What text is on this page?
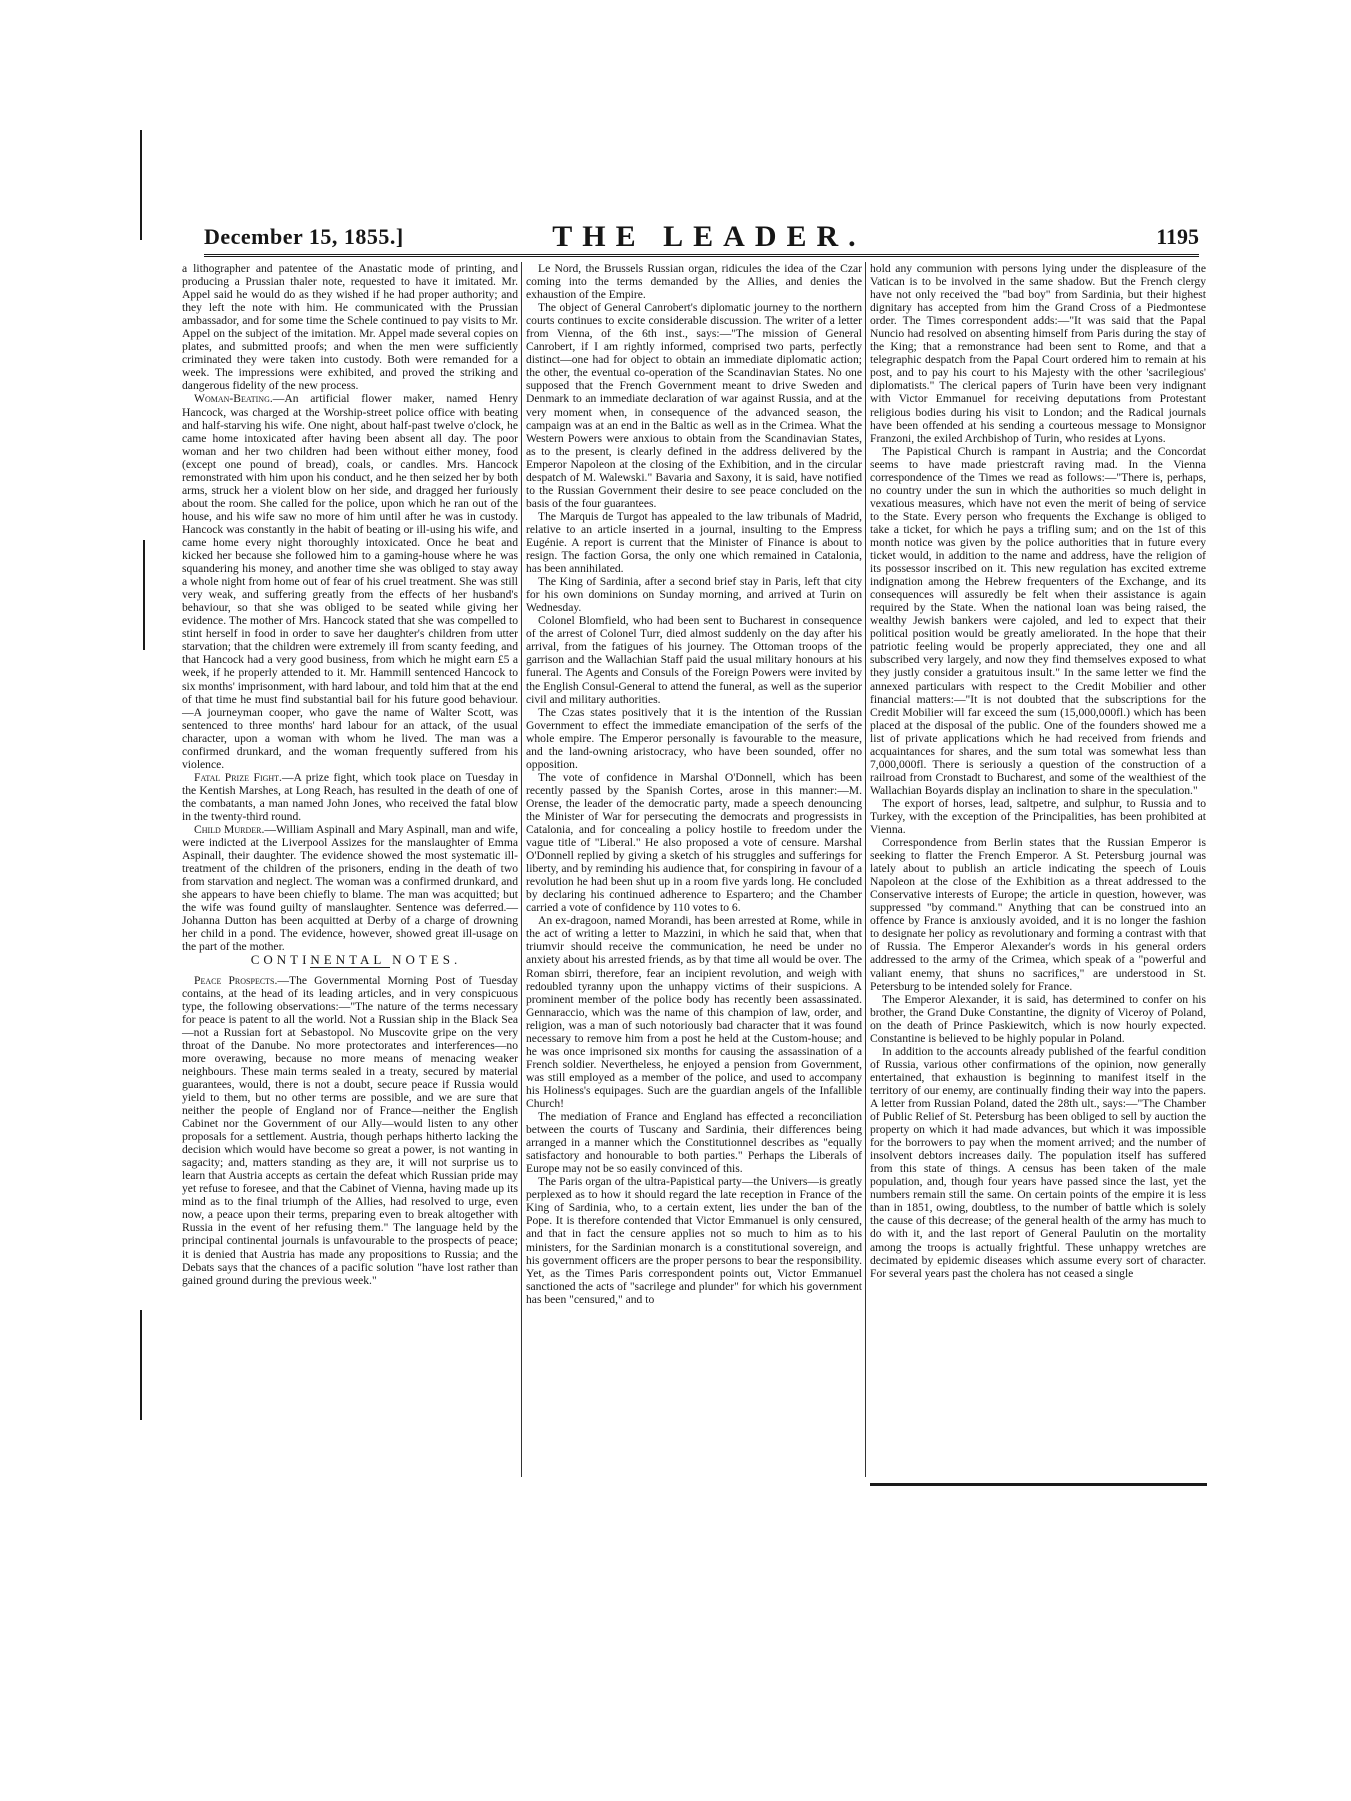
December 15, 1855.]	THE LEADER.	1195

a lithographer and patentee of the Anastatic mode of printing, and producing a Prussian thaler note, requested to have it imitated. Mr. Appel said he would do as they wished if he had proper authority; and they left the note with him. He communicated with the Prussian ambassador, and for some time the Schele continued to pay visits to Mr. Appel on the subject of the imitation. Mr. Appel made several copies on plates, and submitted proofs; and when the men were sufficiently criminated they were taken into custody. Both were remanded for a week. The impressions were exhibited, and proved the striking and dangerous fidelity of the new process.

Woman-Beating.—An artificial flower maker, named Henry Hancock, was charged at the Worship-street police office with beating and half-starving his wife. One night, about half-past twelve o'clock, he came home intoxicated after having been absent all day. The poor woman and her two children had been without either money, food (except one pound of bread), coals, or candles. Mrs. Hancock remonstrated with him upon his conduct, and he then seized her by both arms, struck her a violent blow on her side, and dragged her furiously about the room. She called for the police, upon which he ran out of the house, and his wife saw no more of him until after he was in custody. Hancock was constantly in the habit of beating or ill-using his wife, and came home every night thoroughly intoxicated. Once he beat and kicked her because she followed him to a gaming-house where he was squandering his money, and another time she was obliged to stay away a whole night from home out of fear of his cruel treatment. She was still very weak, and suffering greatly from the effects of her husband's behaviour, so that she was obliged to be seated while giving her evidence. The mother of Mrs. Hancock stated that she was compelled to stint herself in food in order to save her daughter's children from utter starvation; that the children were extremely ill from scanty feeding, and that Hancock had a very good business, from which he might earn £5 a week, if he properly attended to it. Mr. Hammill sentenced Hancock to six months' imprisonment, with hard labour, and told him that at the end of that time he must find substantial bail for his future good behaviour.—A journeyman cooper, who gave the name of Walter Scott, was sentenced to three months' hard labour for an attack, of the usual character, upon a woman with whom he lived. The man was a confirmed drunkard, and the woman frequently suffered from his violence.

Fatal Prize Fight.—A prize fight, which took place on Tuesday in the Kentish Marshes, at Long Reach, has resulted in the death of one of the combatants, a man named John Jones, who received the fatal blow in the twenty-third round.

Child Murder.—William Aspinall and Mary Aspinall, man and wife, were indicted at the Liverpool Assizes for the manslaughter of Emma Aspinall, their daughter. The evidence showed the most systematic ill-treatment of the children of the prisoners, ending in the death of two from starvation and neglect. The woman was a confirmed drunkard, and she appears to have been chiefly to blame. The man was acquitted; but the wife was found guilty of manslaughter. Sentence was deferred.—Johanna Dutton has been acquitted at Derby of a charge of drowning her child in a pond. The evidence, however, showed great ill-usage on the part of the mother.

CONTINENTAL NOTES.

Peace Prospects.—The Governmental Morning Post of Tuesday contains, at the head of its leading articles, and in very conspicuous type, the following observations:—"The nature of the terms necessary for peace is patent to all the world. Not a Russian ship in the Black Sea—not a Russian fort at Sebastopol. No Muscovite gripe on the very throat of the Danube. No more protectorates and interferences—no more overawing, because no more means of menacing weaker neighbours. These main terms sealed in a treaty, secured by material guarantees, would, there is not a doubt, secure peace if Russia would yield to them, but no other terms are possible, and we are sure that neither the people of England nor of France—neither the English Cabinet nor the Government of our Ally—would listen to any other proposals for a settlement. Austria, though perhaps hitherto lacking the decision which would have become so great a power, is not wanting in sagacity; and, matters standing as they are, it will not surprise us to learn that Austria accepts as certain the defeat which Russian pride may yet refuse to foresee, and that the Cabinet of Vienna, having made up its mind as to the final triumph of the Allies, had resolved to urge, even now, a peace upon their terms, preparing even to break altogether with Russia in the event of her refusing them." The language held by the principal continental journals is unfavourable to the prospects of peace; it is denied that Austria has made any propositions to Russia; and the Debats says that the chances of a pacific solution "have lost rather than gained ground during the previous week."

Le Nord, the Brussels Russian organ, ridicules the idea of the Czar coming into the terms demanded by the Allies, and denies the exhaustion of the Empire.

The object of General Canrobert's diplomatic journey to the northern courts continues to excite considerable discussion. The writer of a letter from Vienna, of the 6th inst., says:—"The mission of General Canrobert, if I am rightly informed, comprised two parts, perfectly distinct—one had for object to obtain an immediate diplomatic action; the other, the eventual co-operation of the Scandinavian States. No one supposed that the French Government meant to drive Sweden and Denmark to an immediate declaration of war against Russia, and at the very moment when, in consequence of the advanced season, the campaign was at an end in the Baltic as well as in the Crimea. What the Western Powers were anxious to obtain from the Scandinavian States, as to the present, is clearly defined in the address delivered by the Emperor Napoleon at the closing of the Exhibition, and in the circular despatch of M. Walewski." Bavaria and Saxony, it is said, have notified to the Russian Government their desire to see peace concluded on the basis of the four guarantees.

The Marquis de Turgot has appealed to the law tribunals of Madrid, relative to an article inserted in a journal, insulting to the Empress Eugénie. A report is current that the Minister of Finance is about to resign. The faction Gorsa, the only one which remained in Catalonia, has been annihilated.

The King of Sardinia, after a second brief stay in Paris, left that city for his own dominions on Sunday morning, and arrived at Turin on Wednesday.

Colonel Blomfield, who had been sent to Bucharest in consequence of the arrest of Colonel Turr, died almost suddenly on the day after his arrival, from the fatigues of his journey. The Ottoman troops of the garrison and the Wallachian Staff paid the usual military honours at his funeral. The Agents and Consuls of the Foreign Powers were invited by the English Consul-General to attend the funeral, as well as the superior civil and military authorities.

The Czas states positively that it is the intention of the Russian Government to effect the immediate emancipation of the serfs of the whole empire. The Emperor personally is favourable to the measure, and the land-owning aristocracy, who have been sounded, offer no opposition.

The vote of confidence in Marshal O'Donnell, which has been recently passed by the Spanish Cortes, arose in this manner:—M. Orense, the leader of the democratic party, made a speech denouncing the Minister of War for persecuting the democrats and progressists in Catalonia, and for concealing a policy hostile to freedom under the vague title of "Liberal." He also proposed a vote of censure. Marshal O'Donnell replied by giving a sketch of his struggles and sufferings for liberty, and by reminding his audience that, for conspiring in favour of a revolution he had been shut up in a room five yards long. He concluded by declaring his continued adherence to Espartero; and the Chamber carried a vote of confidence by 110 votes to 6.

An ex-dragoon, named Morandi, has been arrested at Rome, while in the act of writing a letter to Mazzini, in which he said that, when that triumvir should receive the communication, he need be under no anxiety about his arrested friends, as by that time all would be over. The Roman sbirri, therefore, fear an incipient revolution, and weigh with redoubled tyranny upon the unhappy victims of their suspicions. A prominent member of the police body has recently been assassinated. Gennaraccio, which was the name of this champion of law, order, and religion, was a man of such notoriously bad character that it was found necessary to remove him from a post he held at the Custom-house; and he was once imprisoned six months for causing the assassination of a French soldier. Nevertheless, he enjoyed a pension from Government, was still employed as a member of the police, and used to accompany his Holiness's equipages. Such are the guardian angels of the Infallible Church!

The mediation of France and England has effected a reconciliation between the courts of Tuscany and Sardinia, their differences being arranged in a manner which the Constitutionnel describes as "equally satisfactory and honourable to both parties." Perhaps the Liberals of Europe may not be so easily convinced of this.

The Paris organ of the ultra-Papistical party—the Univers—is greatly perplexed as to how it should regard the late reception in France of the King of Sardinia, who, to a certain extent, lies under the ban of the Pope. It is therefore contended that Victor Emmanuel is only censured, and that in fact the censure applies not so much to him as to his ministers, for the Sardinian monarch is a constitutional sovereign, and his government officers are the proper persons to bear the responsibility. Yet, as the Times Paris correspondent points out, Victor Emmanuel sanctioned the acts of "sacrilege and plunder" for which his government has been "censured," and to

hold any communion with persons lying under the displeasure of the Vatican is to be involved in the same shadow. But the French clergy have not only received the "bad boy" from Sardinia, but their highest dignitary has accepted from him the Grand Cross of a Piedmontese order. The Times correspondent adds:—"It was said that the Papal Nuncio had resolved on absenting himself from Paris during the stay of the King; that a remonstrance had been sent to Rome, and that a telegraphic despatch from the Papal Court ordered him to remain at his post, and to pay his court to his Majesty with the other 'sacrilegious' diplomatists." The clerical papers of Turin have been very indignant with Victor Emmanuel for receiving deputations from Protestant religious bodies during his visit to London; and the Radical journals have been offended at his sending a courteous message to Monsignor Franzoni, the exiled Archbishop of Turin, who resides at Lyons.

The Papistical Church is rampant in Austria; and the Concordat seems to have made priestcraft raving mad. In the Vienna correspondence of the Times we read as follows:—"There is, perhaps, no country under the sun in which the authorities so much delight in vexatious measures, which have not even the merit of being of service to the State. Every person who frequents the Exchange is obliged to take a ticket, for which he pays a trifling sum; and on the 1st of this month notice was given by the police authorities that in future every ticket would, in addition to the name and address, have the religion of its possessor inscribed on it. This new regulation has excited extreme indignation among the Hebrew frequenters of the Exchange, and its consequences will assuredly be felt when their assistance is again required by the State. When the national loan was being raised, the wealthy Jewish bankers were cajoled, and led to expect that their political position would be greatly ameliorated. In the hope that their patriotic feeling would be properly appreciated, they one and all subscribed very largely, and now they find themselves exposed to what they justly consider a gratuitous insult." In the same letter we find the annexed particulars with respect to the Credit Mobilier and other financial matters:—"It is not doubted that the subscriptions for the Credit Mobilier will far exceed the sum (15,000,000fl.) which has been placed at the disposal of the public. One of the founders showed me a list of private applications which he had received from friends and acquaintances for shares, and the sum total was somewhat less than 7,000,000fl. There is seriously a question of the construction of a railroad from Cronstadt to Bucharest, and some of the wealthiest of the Wallachian Boyards display an inclination to share in the speculation."

The export of horses, lead, saltpetre, and sulphur, to Russia and to Turkey, with the exception of the Principalities, has been prohibited at Vienna.

Correspondence from Berlin states that the Russian Emperor is seeking to flatter the French Emperor. A St. Petersburg journal was lately about to publish an article indicating the speech of Louis Napoleon at the close of the Exhibition as a threat addressed to the Conservative interests of Europe; the article in question, however, was suppressed "by command." Anything that can be construed into an offence by France is anxiously avoided, and it is no longer the fashion to designate her policy as revolutionary and forming a contrast with that of Russia. The Emperor Alexander's words in his general orders addressed to the army of the Crimea, which speak of a "powerful and valiant enemy, that shuns no sacrifices," are understood in St. Petersburg to be intended solely for France.

The Emperor Alexander, it is said, has determined to confer on his brother, the Grand Duke Constantine, the dignity of Viceroy of Poland, on the death of Prince Paskiewitch, which is now hourly expected. Constantine is believed to be highly popular in Poland.

In addition to the accounts already published of the fearful condition of Russia, various other confirmations of the opinion, now generally entertained, that exhaustion is beginning to manifest itself in the territory of our enemy, are continually finding their way into the papers. A letter from Russian Poland, dated the 28th ult., says:—"The Chamber of Public Relief of St. Petersburg has been obliged to sell by auction the property on which it had made advances, but which it was impossible for the borrowers to pay when the moment arrived; and the number of insolvent debtors increases daily. The population itself has suffered from this state of things. A census has been taken of the male population, and, though four years have passed since the last, yet the numbers remain still the same. On certain points of the empire it is less than in 1851, owing, doubtless, to the number of battle which is solely the cause of this decrease; of the general health of the army has much to do with it, and the last report of General Paulutin on the mortality among the troops is actually frightful. These unhappy wretches are decimated by epidemic diseases which assume every sort of character. For several years past the cholera has not ceased a single
